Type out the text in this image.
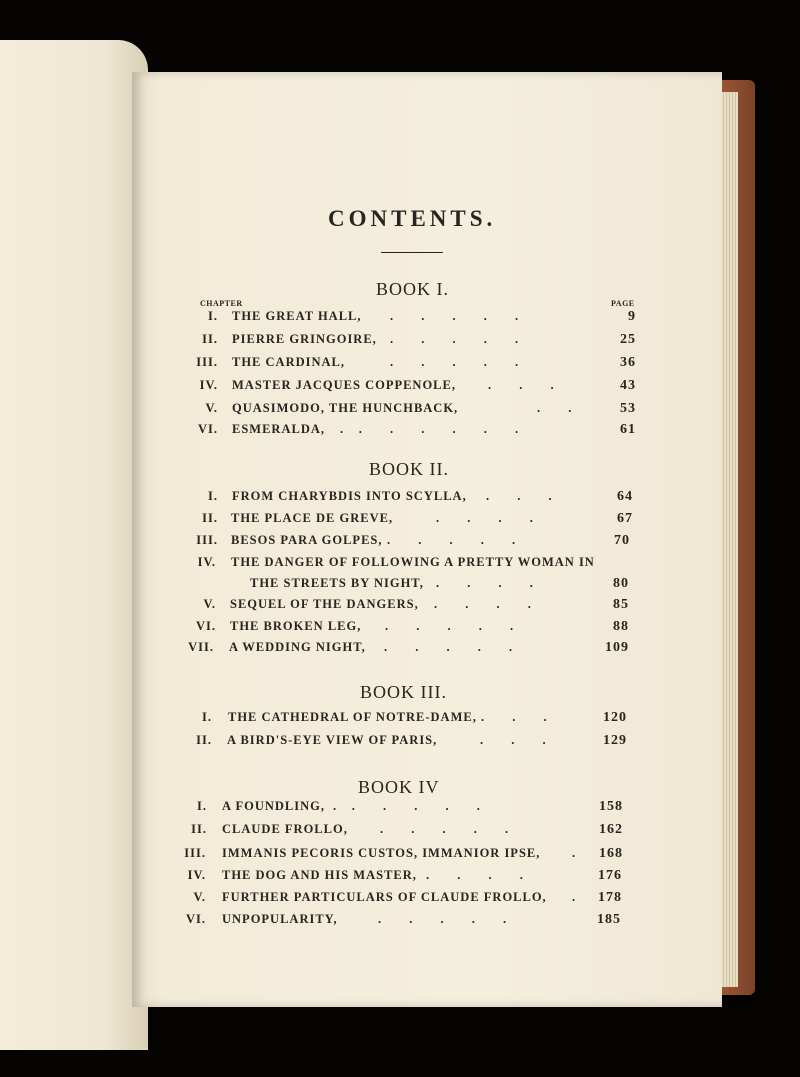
CONTENTS.
CHAPTER	PAGE
BOOK I.
I. THE GREAT HALL, .         .         .         .         .	9
II. PIERRE GRINGOIRE, .         .         .         .         .	25
III. THE CARDINAL,	.         .         .         .         .	36
IV. MASTER JACQUES COPPENOLE,	.         .         .	43
V. QUASIMODO, THE HUNCHBACK,	.         .	53
VI. ESMERALDA, .     .         .         .         .         .         .	61
BOOK II.
I. FROM CHARYBDIS INTO SCYLLA, .         .         .	64
II. THE PLACE DE GREVE,	.         .         .         .	67
III. BESOS PARA GOLPES, .         .         .         .         .	70
IV. THE DANGER OF FOLLOWING A PRETTY WOMAN IN
THE STREETS BY NIGHT, .         .         .         .	80
V. SEQUEL OF THE DANGERS, .         .         .         .	85
VI. THE BROKEN LEG, .         .         .         .         .	88
VII. A WEDDING NIGHT, .         .         .         .         .	109
BOOK III.
I. THE CATHEDRAL OF NOTRE-DAME, .         .         .	120
II. A BIRD'S-EYE VIEW OF PARIS,	.         .         .	129
BOOK IV
I. A FOUNDLING, .     .         .         .         .         .	158
II. CLAUDE FROLLO,	.         .         .         .         .	162
III. IMMANIS PECORIS CUSTOS, IMMANIOR IPSE,	.	168
IV. THE DOG AND HIS MASTER, .         .         .         .	176
V. FURTHER PARTICULARS OF CLAUDE FROLLO, .	178
VI. UNPOPULARITY,	.         .         .         .         .	185
